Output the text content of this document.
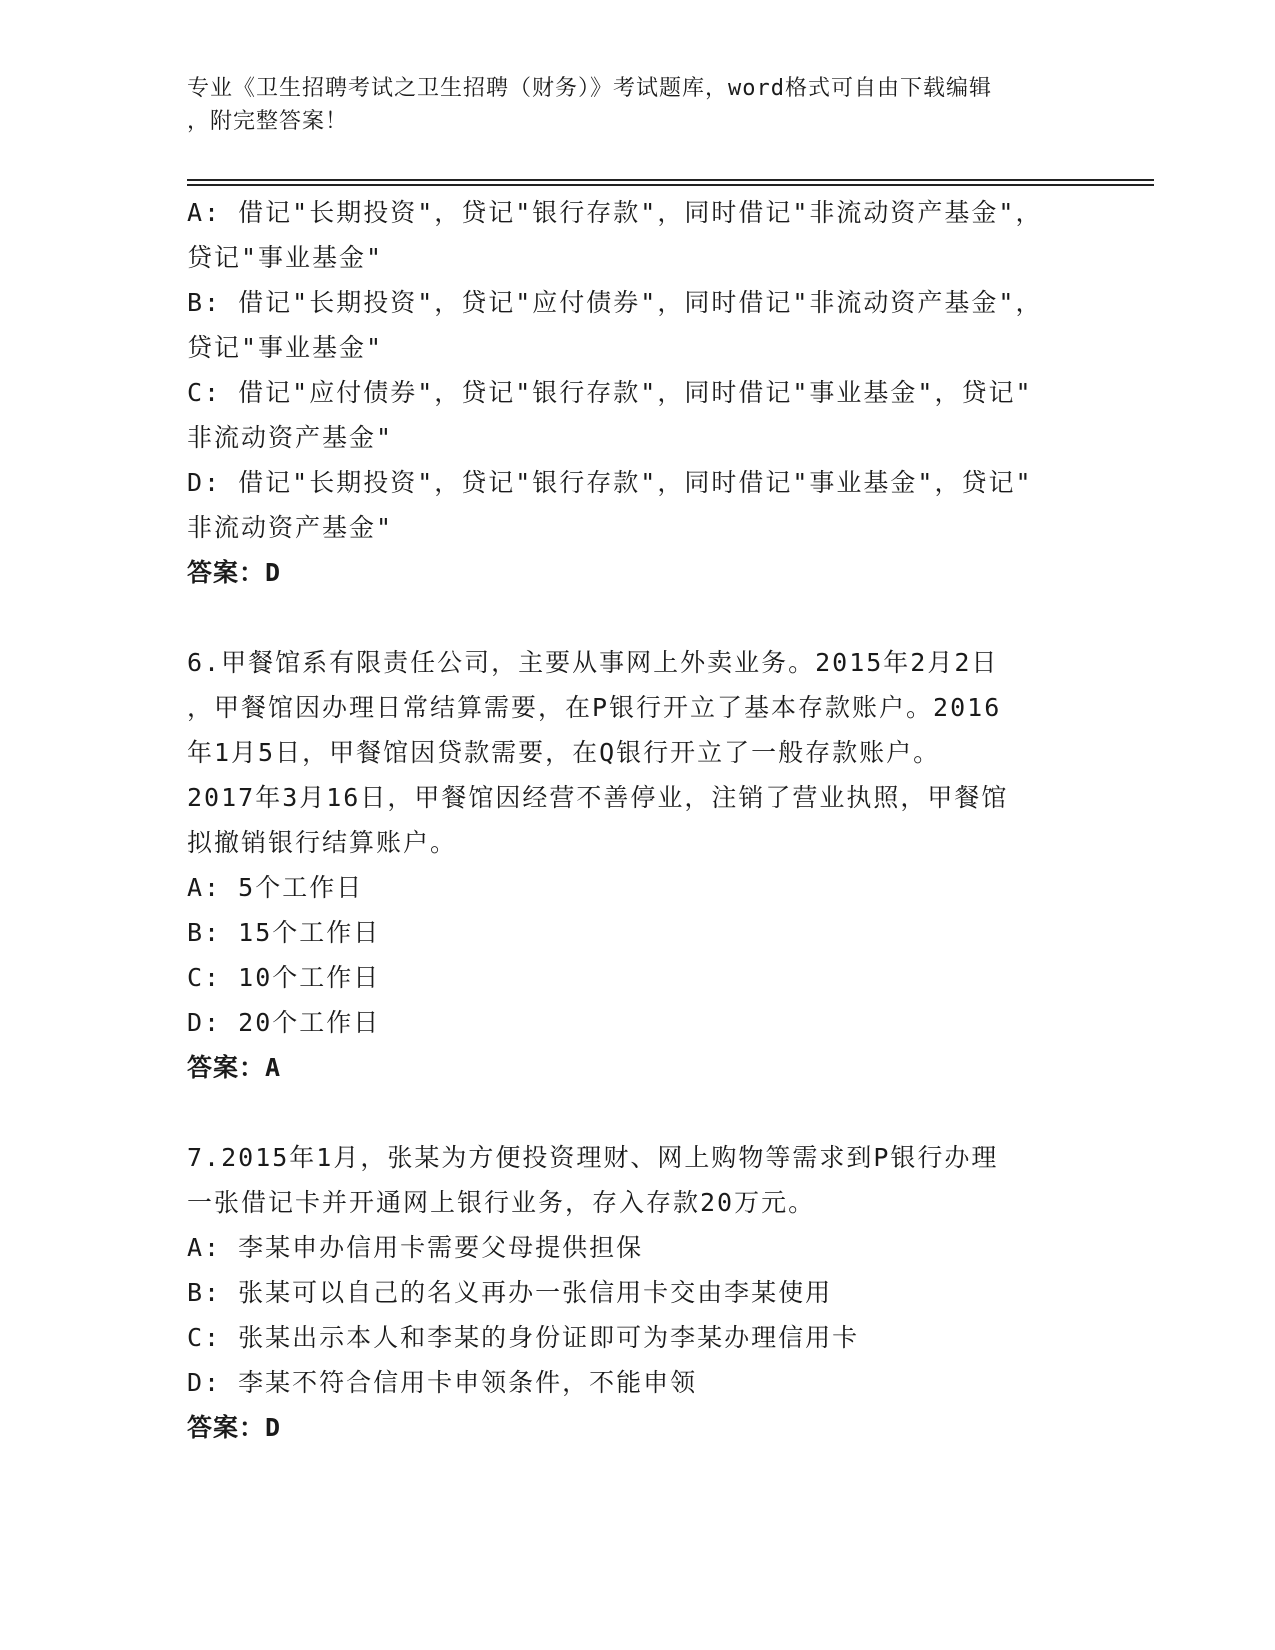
专业《卫生招聘考试之卫生招聘（财务）》考试题库，word格式可自由下载编辑
，附完整答案！
A: 借记"长期投资"，贷记"银行存款"，同时借记"非流动资产基金"，
贷记"事业基金"
B: 借记"长期投资"，贷记"应付债券"，同时借记"非流动资产基金"，
贷记"事业基金"
C: 借记"应付债券"，贷记"银行存款"，同时借记"事业基金"，贷记"
非流动资产基金"
D: 借记"长期投资"，贷记"银行存款"，同时借记"事业基金"，贷记"
非流动资产基金"
答案：D
6.甲餐馆系有限责任公司，主要从事网上外卖业务。2015年2月2日
，甲餐馆因办理日常结算需要，在P银行开立了基本存款账户。2016
年1月5日，甲餐馆因贷款需要，在Q银行开立了一般存款账户。
2017年3月16日，甲餐馆因经营不善停业，注销了营业执照，甲餐馆
拟撤销银行结算账户。
A: 5个工作日
B: 15个工作日
C: 10个工作日
D: 20个工作日
答案：A
7.2015年1月，张某为方便投资理财、网上购物等需求到P银行办理
一张借记卡并开通网上银行业务，存入存款20万元。
A: 李某申办信用卡需要父母提供担保
B: 张某可以自己的名义再办一张信用卡交由李某使用
C: 张某出示本人和李某的身份证即可为李某办理信用卡
D: 李某不符合信用卡申领条件，不能申领
答案：D
